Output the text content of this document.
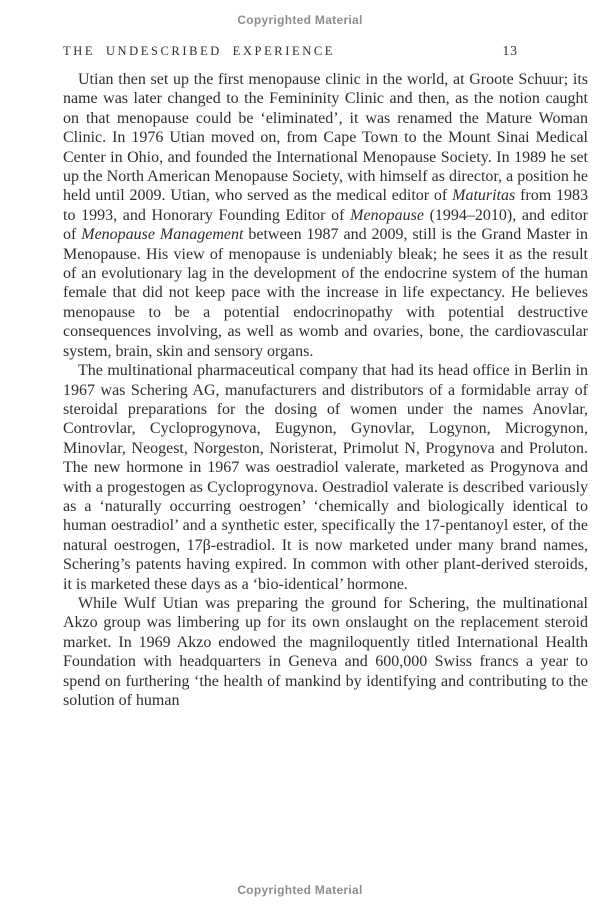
Copyrighted Material
THE UNDESCRIBED EXPERIENCE	13

Utian then set up the first menopause clinic in the world, at Groote Schuur; its name was later changed to the Femininity Clinic and then, as the notion caught on that menopause could be ‘eliminated’, it was renamed the Mature Woman Clinic. In 1976 Utian moved on, from Cape Town to the Mount Sinai Medical Center in Ohio, and founded the International Menopause Society. In 1989 he set up the North American Menopause Society, with himself as director, a position he held until 2009. Utian, who served as the medical editor of Maturitas from 1983 to 1993, and Honorary Founding Editor of Menopause (1994–2010), and editor of Menopause Management between 1987 and 2009, still is the Grand Master in Menopause. His view of menopause is undeniably bleak; he sees it as the result of an evolutionary lag in the development of the endocrine system of the human female that did not keep pace with the increase in life expectancy. He believes menopause to be a potential endocrinopathy with potential destructive consequences involving, as well as womb and ovaries, bone, the cardiovascular system, brain, skin and sensory organs.

The multinational pharmaceutical company that had its head office in Berlin in 1967 was Schering AG, manufacturers and distributors of a formidable array of steroidal preparations for the dosing of women under the names Anovlar, Controvlar, Cycloprogynova, Eugynon, Gynovlar, Logynon, Microgynon, Minovlar, Neogest, Norgeston, Noristerat, Primolut N, Progynova and Proluton. The new hormone in 1967 was oestradiol valerate, marketed as Progynova and with a progestogen as Cycloprogynova. Oestradiol valerate is described variously as a ‘naturally occurring oestrogen’ ‘chemically and biologically identical to human oestradiol’ and a synthetic ester, specifically the 17-pentanoyl ester, of the natural oestrogen, 17β-estradiol. It is now marketed under many brand names, Schering’s patents having expired. In common with other plant-derived steroids, it is marketed these days as a ‘bio-identical’ hormone.

While Wulf Utian was preparing the ground for Schering, the multinational Akzo group was limbering up for its own onslaught on the replacement steroid market. In 1969 Akzo endowed the magniloquently titled International Health Foundation with headquarters in Geneva and 600,000 Swiss francs a year to spend on furthering ‘the health of mankind by identifying and contributing to the solution of human

Copyrighted Material
